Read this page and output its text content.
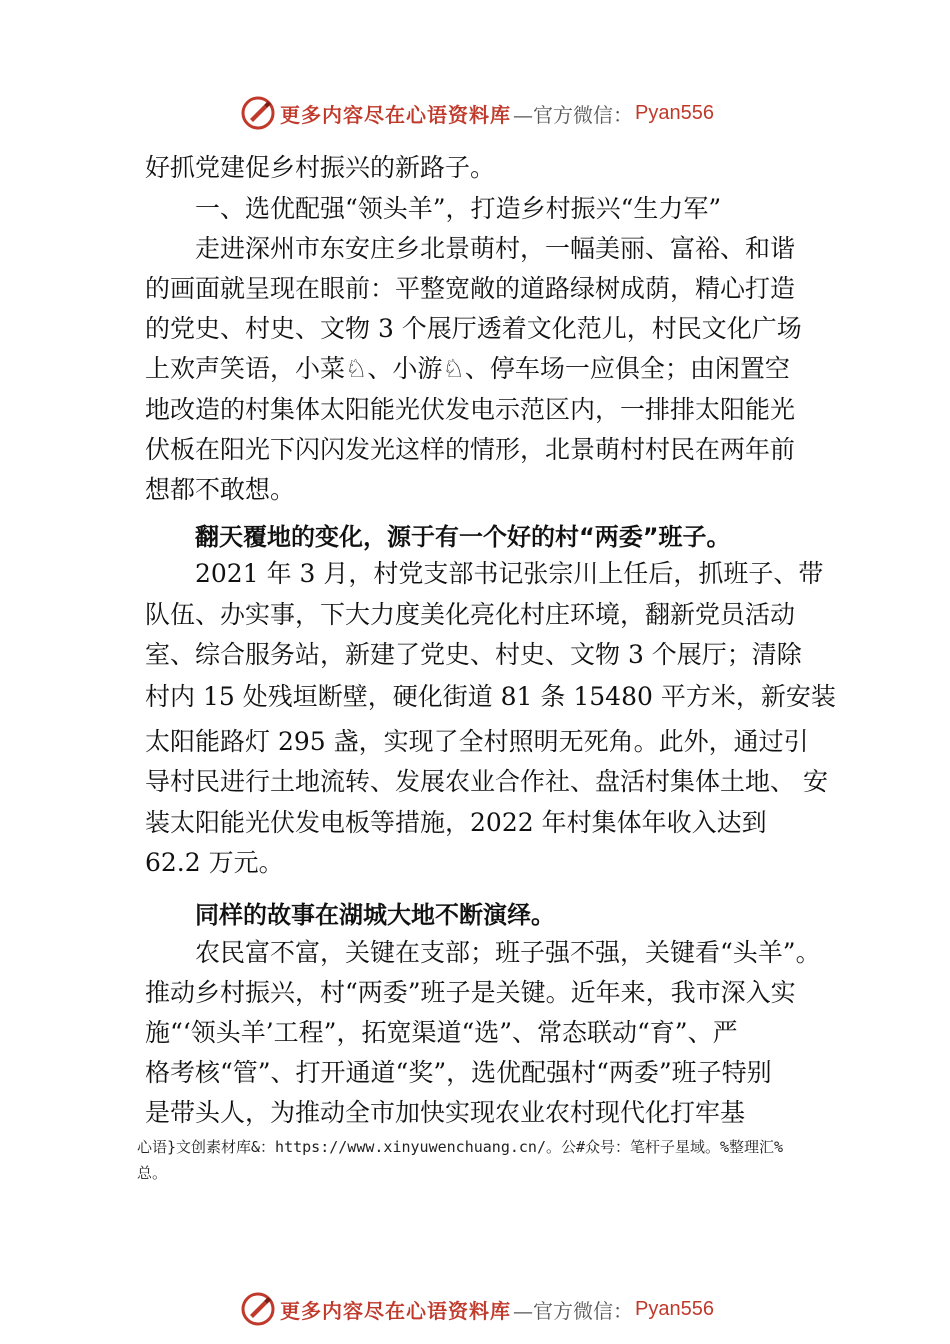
更多内容尽在心语资料库 —官方微信： Pyan556
好抓党建促乡村振兴的新路子。
一、选优配强“领头羊”，打造乡村振兴“生力军”
走进深州市东安庄乡北景萌村，一幅美丽、富裕、和谐
的画面就呈现在眼前：平整宽敞的道路绿树成荫，精心打造
的党史、村史、文物 3 个展厅透着文化范儿，村民文化广场
上欢声笑语，小菜♘、小游♘、停车场一应俱全；由闲置空
地改造的村集体太阳能光伏发电示范区内，一排排太阳能光
伏板在阳光下闪闪发光这样的情形，北景萌村村民在两年前
想都不敢想。
翻天覆地的变化，源于有一个好的村“两委”班子。
2021 年 3 月，村党支部书记张宗川上任后，抓班子、带
队伍、办实事，下大力度美化亮化村庄环境，翻新党员活动
室、综合服务站，新建了党史、村史、文物 3 个展厅；清除
村内 15 处残垣断壁，硬化街道 81 条 15480 平方米，新安装
太阳能路灯 295 盏，实现了全村照明无死角。此外，通过引
导村民进行土地流转、发展农业合作社、盘活村集体土地、 安
装太阳能光伏发电板等措施，2022 年村集体年收入达到
62.2 万元。
同样的故事在湖城大地不断演绎。
农民富不富，关键在支部；班子强不强，关键看“头羊”。
推动乡村振兴，村“两委”班子是关键。近年来，我市深入实
施“‘领头羊’工程”，拓宽渠道“选”、常态联动“育”、严
格考核“管”、打开通道“奖”，选优配强村“两委”班子特别
是带头人，为推动全市加快实现农业农村现代化打牢基
心语}文创素材库&：https://www.xinyuwenchuang.cn/。公#众号：笔杆子星域。%整理汇%
总。
更多内容尽在心语资料库 —官方微信： Pyan556
